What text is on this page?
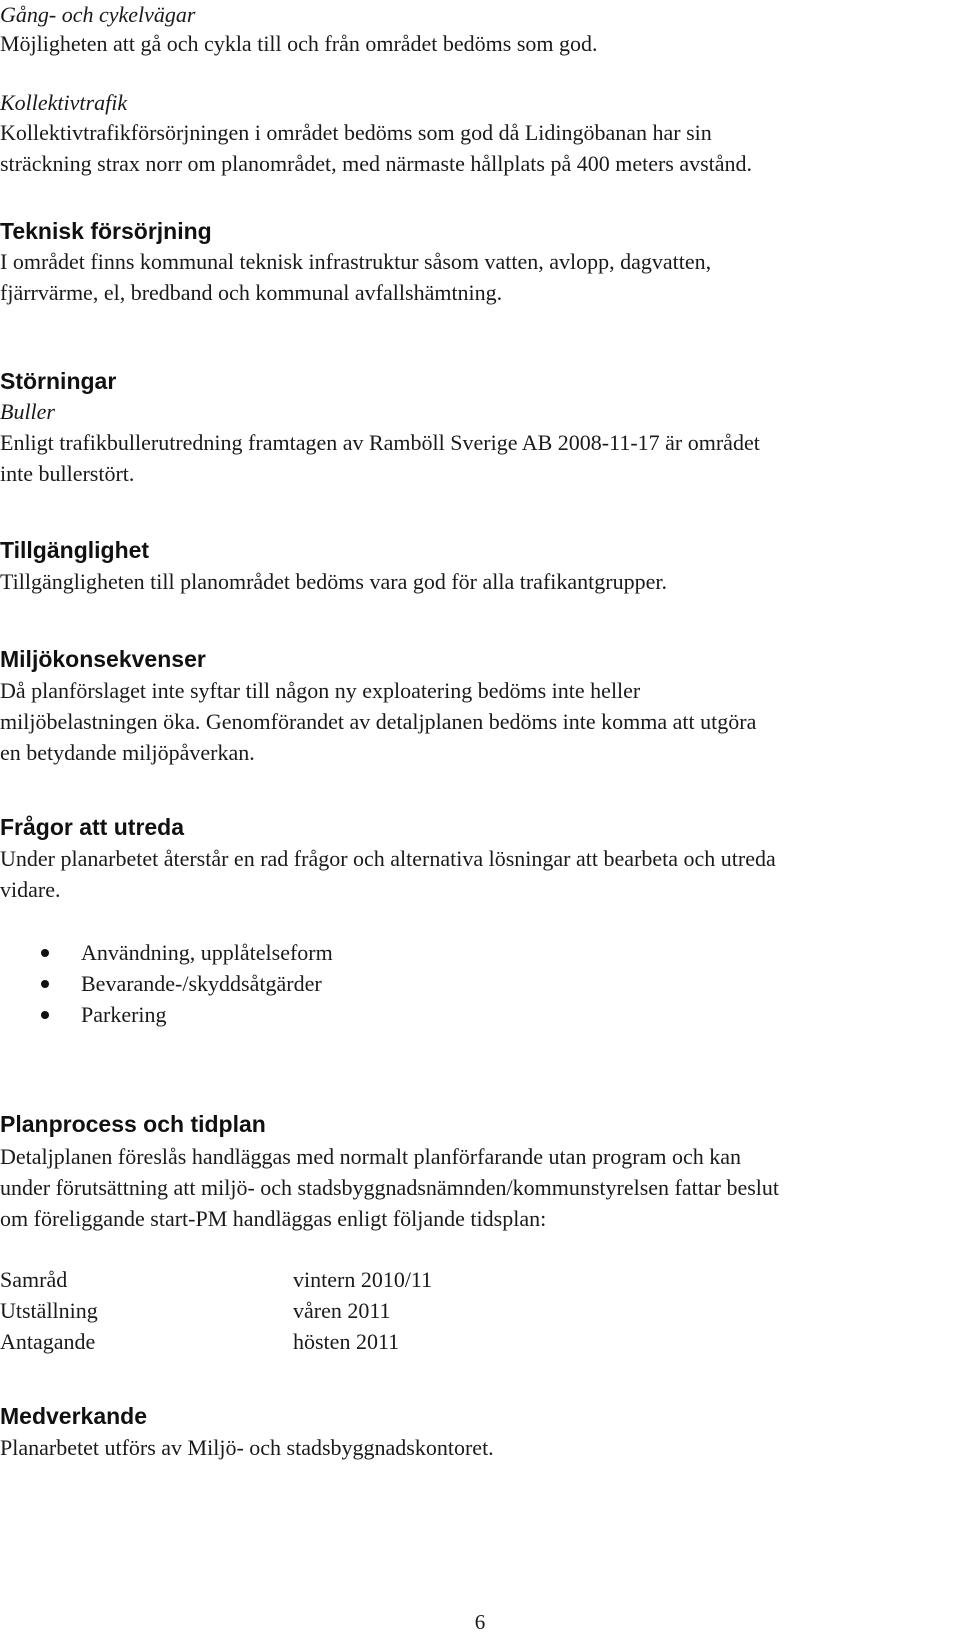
Gång- och cykelvägar
Möjligheten att gå och cykla till och från området bedöms som god.
Kollektivtrafik
Kollektivtrafikförsörjningen i området bedöms som god då Lidingöbanan har sin
sträckning strax norr om planområdet, med närmaste hållplats på 400 meters avstånd.
Teknisk försörjning
I området finns kommunal teknisk infrastruktur såsom vatten, avlopp, dagvatten,
fjärrvärme, el, bredband och kommunal avfallshämtning.
Störningar
Buller
Enligt trafikbullerutredning framtagen av Ramböll Sverige AB 2008-11-17 är området
inte bullerstört.
Tillgänglighet
Tillgängligheten till planområdet bedöms vara god för alla trafikantgrupper.
Miljökonsekvenser
Då planförslaget inte syftar till någon ny exploatering bedöms inte heller
miljöbelastningen öka. Genomförandet av detaljplanen bedöms inte komma att utgöra
en betydande miljöpåverkan.
Frågor att utreda
Under planarbetet återstår en rad frågor och alternativa lösningar att bearbeta och utreda
vidare.
Användning, upplåtelseform
Bevarande-/skyddsåtgärder
Parkering
Planprocess och tidplan
Detaljplanen föreslås handläggas med normalt planförfarande utan program och kan
under förutsättning att miljö- och stadsbyggnadsnämnden/kommunstyrelsen fattar beslut
om föreliggande start-PM handläggas enligt följande tidsplan:
Samråd	vintern 2010/11
Utställning	våren 2011
Antagande	hösten 2011
Medverkande
Planarbetet utförs av Miljö- och stadsbyggnadskontoret.
6
